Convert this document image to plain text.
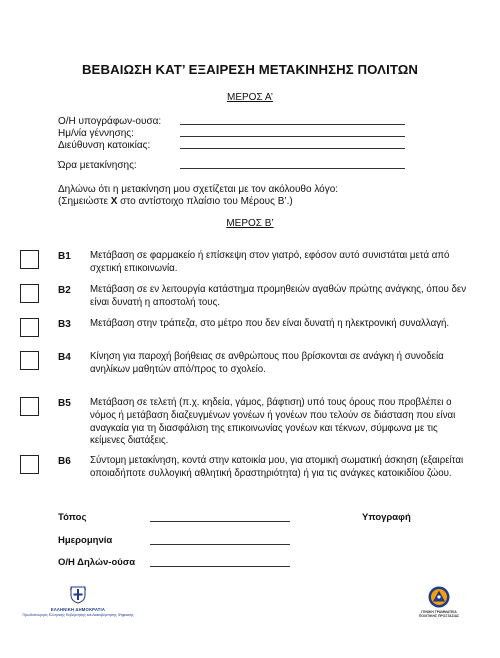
ΒΕΒΑΙΩΣΗ ΚΑΤ’ ΕΞΑΙΡΕΣΗ ΜΕΤΑΚΙΝΗΣΗΣ ΠΟΛΙΤΩΝ
ΜΕΡΟΣ Α’
Ο/Η υπογράφων-ουσα:
Ημ/νία γέννησης:
Διεύθυνση κατοικίας:
Ώρα μετακίνησης:
Δηλώνω ότι η μετακίνηση μου σχετίζεται με τον ακόλουθο λόγο:
(Σημειώστε Χ στο αντίστοιχο πλαίσιο του Μέρους Β’.)
ΜΕΡΟΣ Β’
Β1 Μετάβαση σε φαρμακείο ή επίσκεψη στον γιατρό, εφόσον αυτό συνιστάται μετά από σχετική επικοινωνία.
Β2 Μετάβαση σε εν λειτουργία κατάστημα προμηθειών αγαθών πρώτης ανάγκης, όπου δεν είναι δυνατή η αποστολή τους.
Β3 Μετάβαση στην τράπεζα, στο μέτρο που δεν είναι δυνατή η ηλεκτρονική συναλλαγή.
Β4 Κίνηση για παροχή βοήθειας σε ανθρώπους που βρίσκονται σε ανάγκη ή συνοδεία ανηλίκων μαθητών από/προς το σχολείο.
Β5 Μετάβαση σε τελετή (π.χ. κηδεία, γάμος, βάφτιση) υπό τους όρους που προβλέπει ο νόμος ή μετάβαση διαζευγμένων γονέων ή γονέων που τελούν σε διάσταση που είναι αναγκαία για τη διασφάλιση της επικοινωνίας γονέων και τέκνων, σύμφωνα με τις κείμενες διατάξεις.
Β6 Σύντομη μετακίνηση, κοντά στην κατοικία μου, για ατομική σωματική άσκηση (εξαιρείται οποιαδήποτε συλλογική αθλητική δραστηριότητα) ή για τις ανάγκες κατοικιδίου ζώου.
Τόπος
Ημερομηνία
Ο/Η Δηλών-ούσα
Υπογραφή
ΕΛΛΗΝΙΚΗ ΔΗΜΟΚΡΑΤΙΑ
Πρωθυπουργός Ελληνικής Κυβέρνησης και Διακυβέρνησης Ψηφιακής
ΓΕΝΙΚΗ ΓΡΑΜΜΑΤΕΙΑ ΠΟΛΙΤΙΚΗΣ ΠΡΟΣΤΑΣΙΑΣ
